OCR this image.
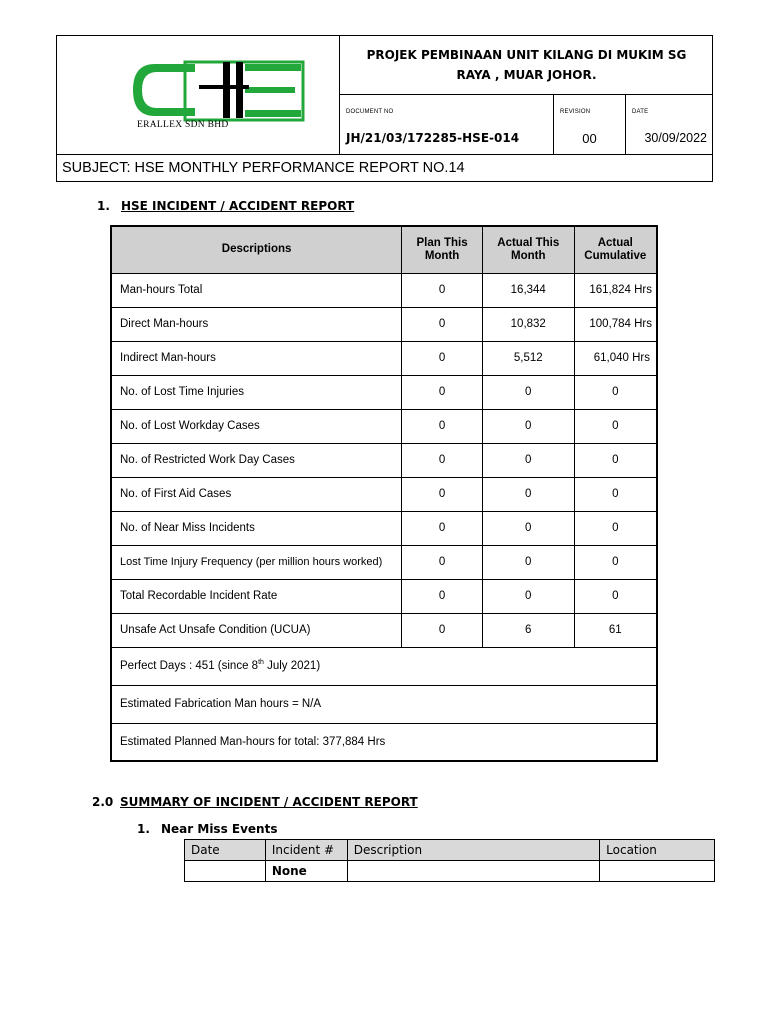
ERALLEX SDN BHD
PROJEK PEMBINAAN UNIT KILANG DI MUKIM SG RAYA , MUAR JOHOR.
DOCUMENT NO
JH/21/03/172285-HSE-014
REVISION
00
DATE
30/09/2022
SUBJECT: HSE MONTHLY PERFORMANCE REPORT NO.14
1. HSE INCIDENT / ACCIDENT REPORT
Descriptions	Plan This Month	Actual This Month	Actual Cumulative
Man-hours Total	0	16,344	161,824 Hrs
Direct Man-hours	0	10,832	100,784 Hrs
Indirect Man-hours	0	5,512	61,040 Hrs
No. of Lost Time Injuries	0	0	0
No. of Lost Workday Cases	0	0	0
No. of Restricted Work Day Cases	0	0	0
No. of First Aid Cases	0	0	0
No. of Near Miss Incidents	0	0	0
Lost Time Injury Frequency (per million hours worked)	0	0	0
Total Recordable Incident Rate	0	0	0
Unsafe Act Unsafe Condition (UCUA)	0	6	61
Perfect Days : 451 (since 8th July 2021)			
Estimated Fabrication Man hours = N/A			
Estimated Planned Man-hours for total: 377,884 Hrs			
2.0 SUMMARY OF INCIDENT / ACCIDENT REPORT
1. Near Miss Events
Date	Incident #	Description	Location
	None		
